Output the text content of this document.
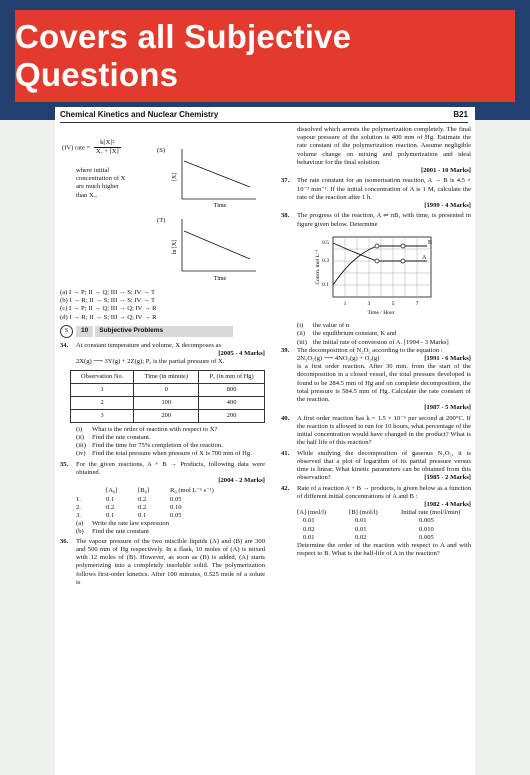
Covers all Subjective Questions
Chemical Kinetics and Nuclear Chemistry	B21
(IV) rate = $\frac{\text{k[X]²}}{\text{Xₒ + [X]}}$
where initial
concentration of X
are much higher
than Xₒ.
(S)
[X]
Time
(T)
ln [X]
Time
(a) I → P; II → Q; III → S; IV → T
(b) I → R; II → S; III → S; IV → T
(c) I → P; II → Q; III → Q; IV → R
(d) I → R; II → S; III → Q; IV → R
S	10	Subjective Problems
34.	At constant temperature and volume, X decomposes as
[2005 - 4 Marks]
2X(g) ⟶ 3Y(g) + 2Z(g); Pₓ is the partial pressure of X.
Observation No.	Time (in minute)	Pₓ (in mm of Hg)
1	0	800
2	100	400
3	200	200
(i)	What is the order of reaction with respect to X?
(ii)	Find the rate constant.
(iii) Find the time for 75% completion of the reaction.
(iv) Find the total pressure when pressure of X is 700 mm of Hg.
35.	For the given reactions, A + B → Products, following data were obtained.
[2004 - 2 Marks]
[A₀]	[B₀]	R₀ (mol L⁻¹ s⁻¹)
1.	0.1	0.2	0.05
2.	0.2	0.2	0.10
3.	0.1	0.1	0.05
(a)	Write the rate law expression
(b)	Find the rate constant
36.	The vapour pressure of the two miscible liquids (A) and (B) are 300 and 500 mm of Hg respectively. In a flask, 10 moles of (A) is mixed with 12 moles of (B). However, as soon as (B) is added, (A) starts polymerizing into a completely insoluble solid. The polymerization follows first-order kinetics. After 100 minutes, 0.525 mole of a solute is
dissolved which arrests the polymerization completely. The final vapour pressure of the solution is 400 mm of Hg. Estimate the rate constant of the polymerization reaction. Assume negligible volume change on mixing and polymerization and ideal behaviour for the final solution.
[2001 - 10 Marks]
37.	The rate constant for an isomerisation reaction, A → B is 4.5 × 10⁻³ min⁻¹. If the initial concentration of A is 1 M, calculate the rate of the reaction after 1 h.
[1999 - 4 Marks]
38.	The progress of the reaction, A ⇌ nB, with time, is presented in figure given below. Determine
B
A
0.5
0.3
0.1
1	3	5	7
Time / Hour
Concn. mol L⁻¹
(i)	the value of n
(ii)	the equilibrium constant, K and
(iii) the initial rate of conversion of A. [1994 - 3 Marks]
39.	The decomposition of N₂O₅ according to the equation :
2N₂O₅(g) ⟶ 4NO₂(g) + O₂(g)	[1991 - 6 Marks]
is a first order reaction. After 30 min. from the start of the decomposition in a closed vessel, the total pressure developed is found to be 284.5 mm of Hg and on complete decomposition, the total pressure is 584.5 mm of Hg. Calculate the rate constant of the reaction.
[1987 - 5 Marks]
40.	A first order reaction has k = 1.5 × 10⁻⁶ per second at 200°C. If the reaction is allowed to run for 10 hours, what percentage of the initial concentration would have changed in the product? What is the half life of this reaction?
41.	While studying the decomposition of gaseous N₂O₅, it is observed that a plot of logarithm of its partial pressure versus time is linear. What kinetic parameters can be obtained from this observation?	[1985 - 2 Marks]
42.	Rate of a reaction A + B → products, is given below as a function of different initial concentrations of A and B :
[1982 - 4 Marks]
[A] (mol/l)	[B] (mol/l)	Initial rate (mol/l/min)
0.01	0.01	0.005
0.02	0.01	0.010
0.01	0.02	0.005
Determine the order of the reaction with respect to A and with respect to B. What is the half-life of A in the reaction?
